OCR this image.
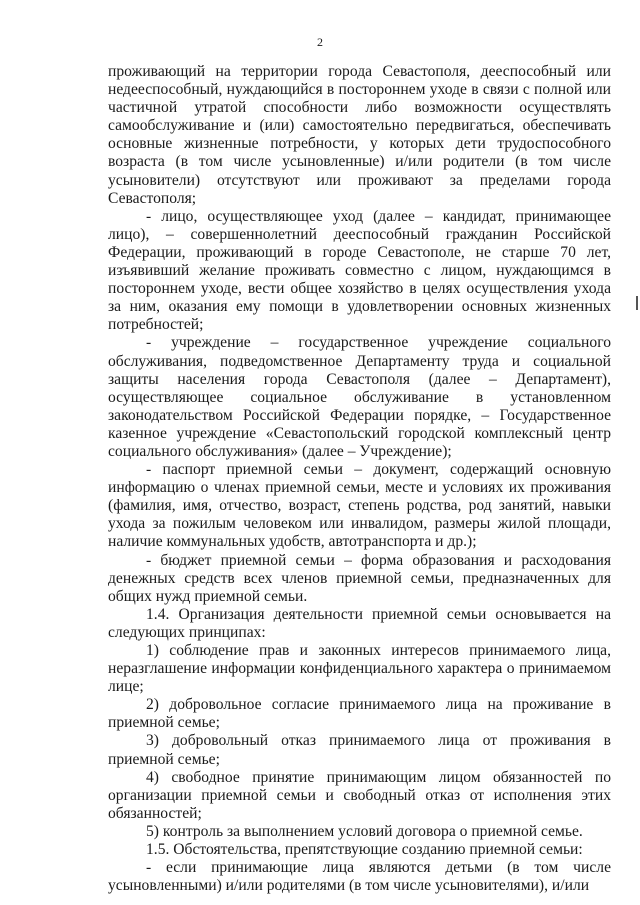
2

проживающий на территории города Севастополя, дееспособный или недееспособный, нуждающийся в постороннем уходе в связи с полной или частичной утратой способности либо возможности осуществлять самообслуживание и (или) самостоятельно передвигаться, обеспечивать основные жизненные потребности, у которых дети трудоспособного возраста (в том числе усыновленные) и/или родители (в том числе усыновители) отсутствуют или проживают за пределами города Севастополя;

- лицо, осуществляющее уход (далее – кандидат, принимающее лицо), – совершеннолетний дееспособный гражданин Российской Федерации, проживающий в городе Севастополе, не старше 70 лет, изъявивший желание проживать совместно с лицом, нуждающимся в постороннем уходе, вести общее хозяйство в целях осуществления ухода за ним, оказания ему помощи в удовлетворении основных жизненных потребностей;

- учреждение – государственное учреждение социального обслуживания, подведомственное Департаменту труда и социальной защиты населения города Севастополя (далее – Департамент), осуществляющее социальное обслуживание в установленном законодательством Российской Федерации порядке, – Государственное казенное учреждение «Севастопольский городской комплексный центр социального обслуживания» (далее – Учреждение);

- паспорт приемной семьи – документ, содержащий основную информацию о членах приемной семьи, месте и условиях их проживания (фамилия, имя, отчество, возраст, степень родства, род занятий, навыки ухода за пожилым человеком или инвалидом, размеры жилой площади, наличие коммунальных удобств, автотранспорта и др.);

- бюджет приемной семьи – форма образования и расходования денежных средств всех членов приемной семьи, предназначенных для общих нужд приемной семьи.

1.4. Организация деятельности приемной семьи основывается на следующих принципах:

1) соблюдение прав и законных интересов принимаемого лица, неразглашение информации конфиденциального характера о принимаемом лице;

2) добровольное согласие принимаемого лица на проживание в приемной семье;

3) добровольный отказ принимаемого лица от проживания в приемной семье;

4) свободное принятие принимающим лицом обязанностей по организации приемной семьи и свободный отказ от исполнения этих обязанностей;

5) контроль за выполнением условий договора о приемной семье.

1.5. Обстоятельства, препятствующие созданию приемной семьи:

- если принимающие лица являются детьми (в том числе усыновленными) и/или родителями (в том числе усыновителями), и/или
